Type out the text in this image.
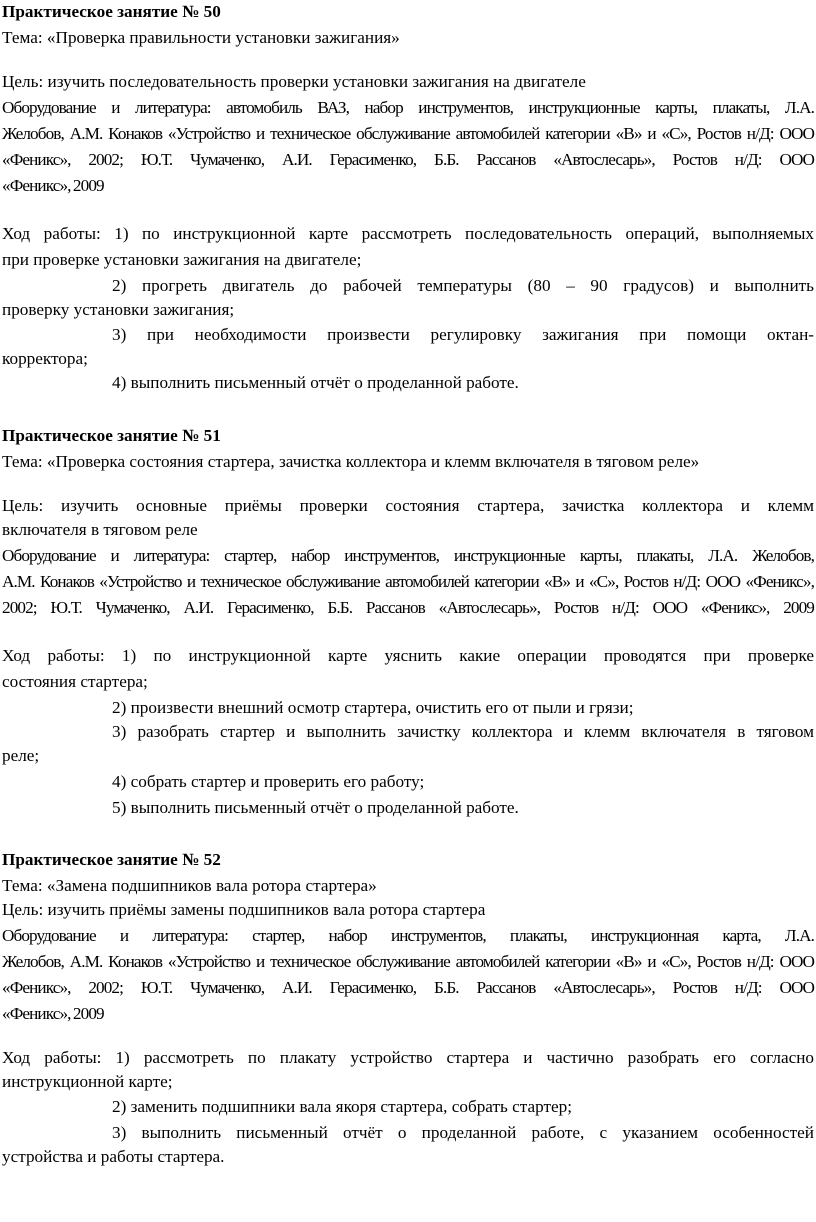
Практическое занятие № 50
Тема: «Проверка правильности установки зажигания»
Цель: изучить последовательность проверки установки зажигания на двигателе
Оборудование и литература: автомобиль ВАЗ, набор инструментов, инструкционные карты, плакаты, Л.А.
Желобов, А.М. Конаков «Устройство и техническое обслуживание автомобилей категории «В» и «С», Ростов н/Д: ООО
«Феникс», 2002; Ю.Т. Чумаченко, А.И. Герасименко, Б.Б. Рассанов «Автослесарь», Ростов н/Д: ООО
«Феникс», 2009
Ход работы: 1) по инструкционной карте рассмотреть последовательность операций, выполняемых
при проверке установки зажигания на двигателе;
2) прогреть двигатель до рабочей температуры (80 – 90 градусов) и выполнить
проверку установки зажигания;
3) при необходимости произвести регулировку зажигания при помощи октан-
корректора;
4) выполнить письменный отчёт о проделанной работе.
Практическое занятие № 51
Тема: «Проверка состояния стартера, зачистка коллектора и клемм включателя в тяговом реле»
Цель: изучить основные приёмы проверки состояния стартера, зачистка коллектора и клемм
включателя в тяговом реле
Оборудование и литература: стартер, набор инструментов, инструкционные карты, плакаты, Л.А. Желобов,
А.М. Конаков «Устройство и техническое обслуживание автомобилей категории «В» и «С», Ростов н/Д: ООО «Феникс»,
2002; Ю.Т. Чумаченко, А.И. Герасименко, Б.Б. Рассанов «Автослесарь», Ростов н/Д: ООО «Феникс», 2009
Ход работы: 1) по инструкционной карте уяснить какие операции проводятся при проверке
состояния стартера;
2) произвести внешний осмотр стартера, очистить его от пыли и грязи;
3) разобрать стартер и выполнить зачистку коллектора и клемм включателя в тяговом
реле;
4) собрать стартер и проверить его работу;
5) выполнить письменный отчёт о проделанной работе.
Практическое занятие № 52
Тема: «Замена подшипников вала ротора стартера»
Цель: изучить приёмы замены подшипников вала ротора стартера
Оборудование и литература: стартер, набор инструментов, плакаты, инструкционная карта, Л.А.
Желобов, А.М. Конаков «Устройство и техническое обслуживание автомобилей категории «В» и «С», Ростов н/Д: ООО
«Феникс», 2002; Ю.Т. Чумаченко, А.И. Герасименко, Б.Б. Рассанов «Автослесарь», Ростов н/Д: ООО
«Феникс», 2009
Ход работы: 1) рассмотреть по плакату устройство стартера и частично разобрать его согласно
инструкционной карте;
2) заменить подшипники вала якоря стартера, собрать стартер;
3) выполнить письменный отчёт о проделанной работе, с указанием особенностей
устройства и работы стартера.
